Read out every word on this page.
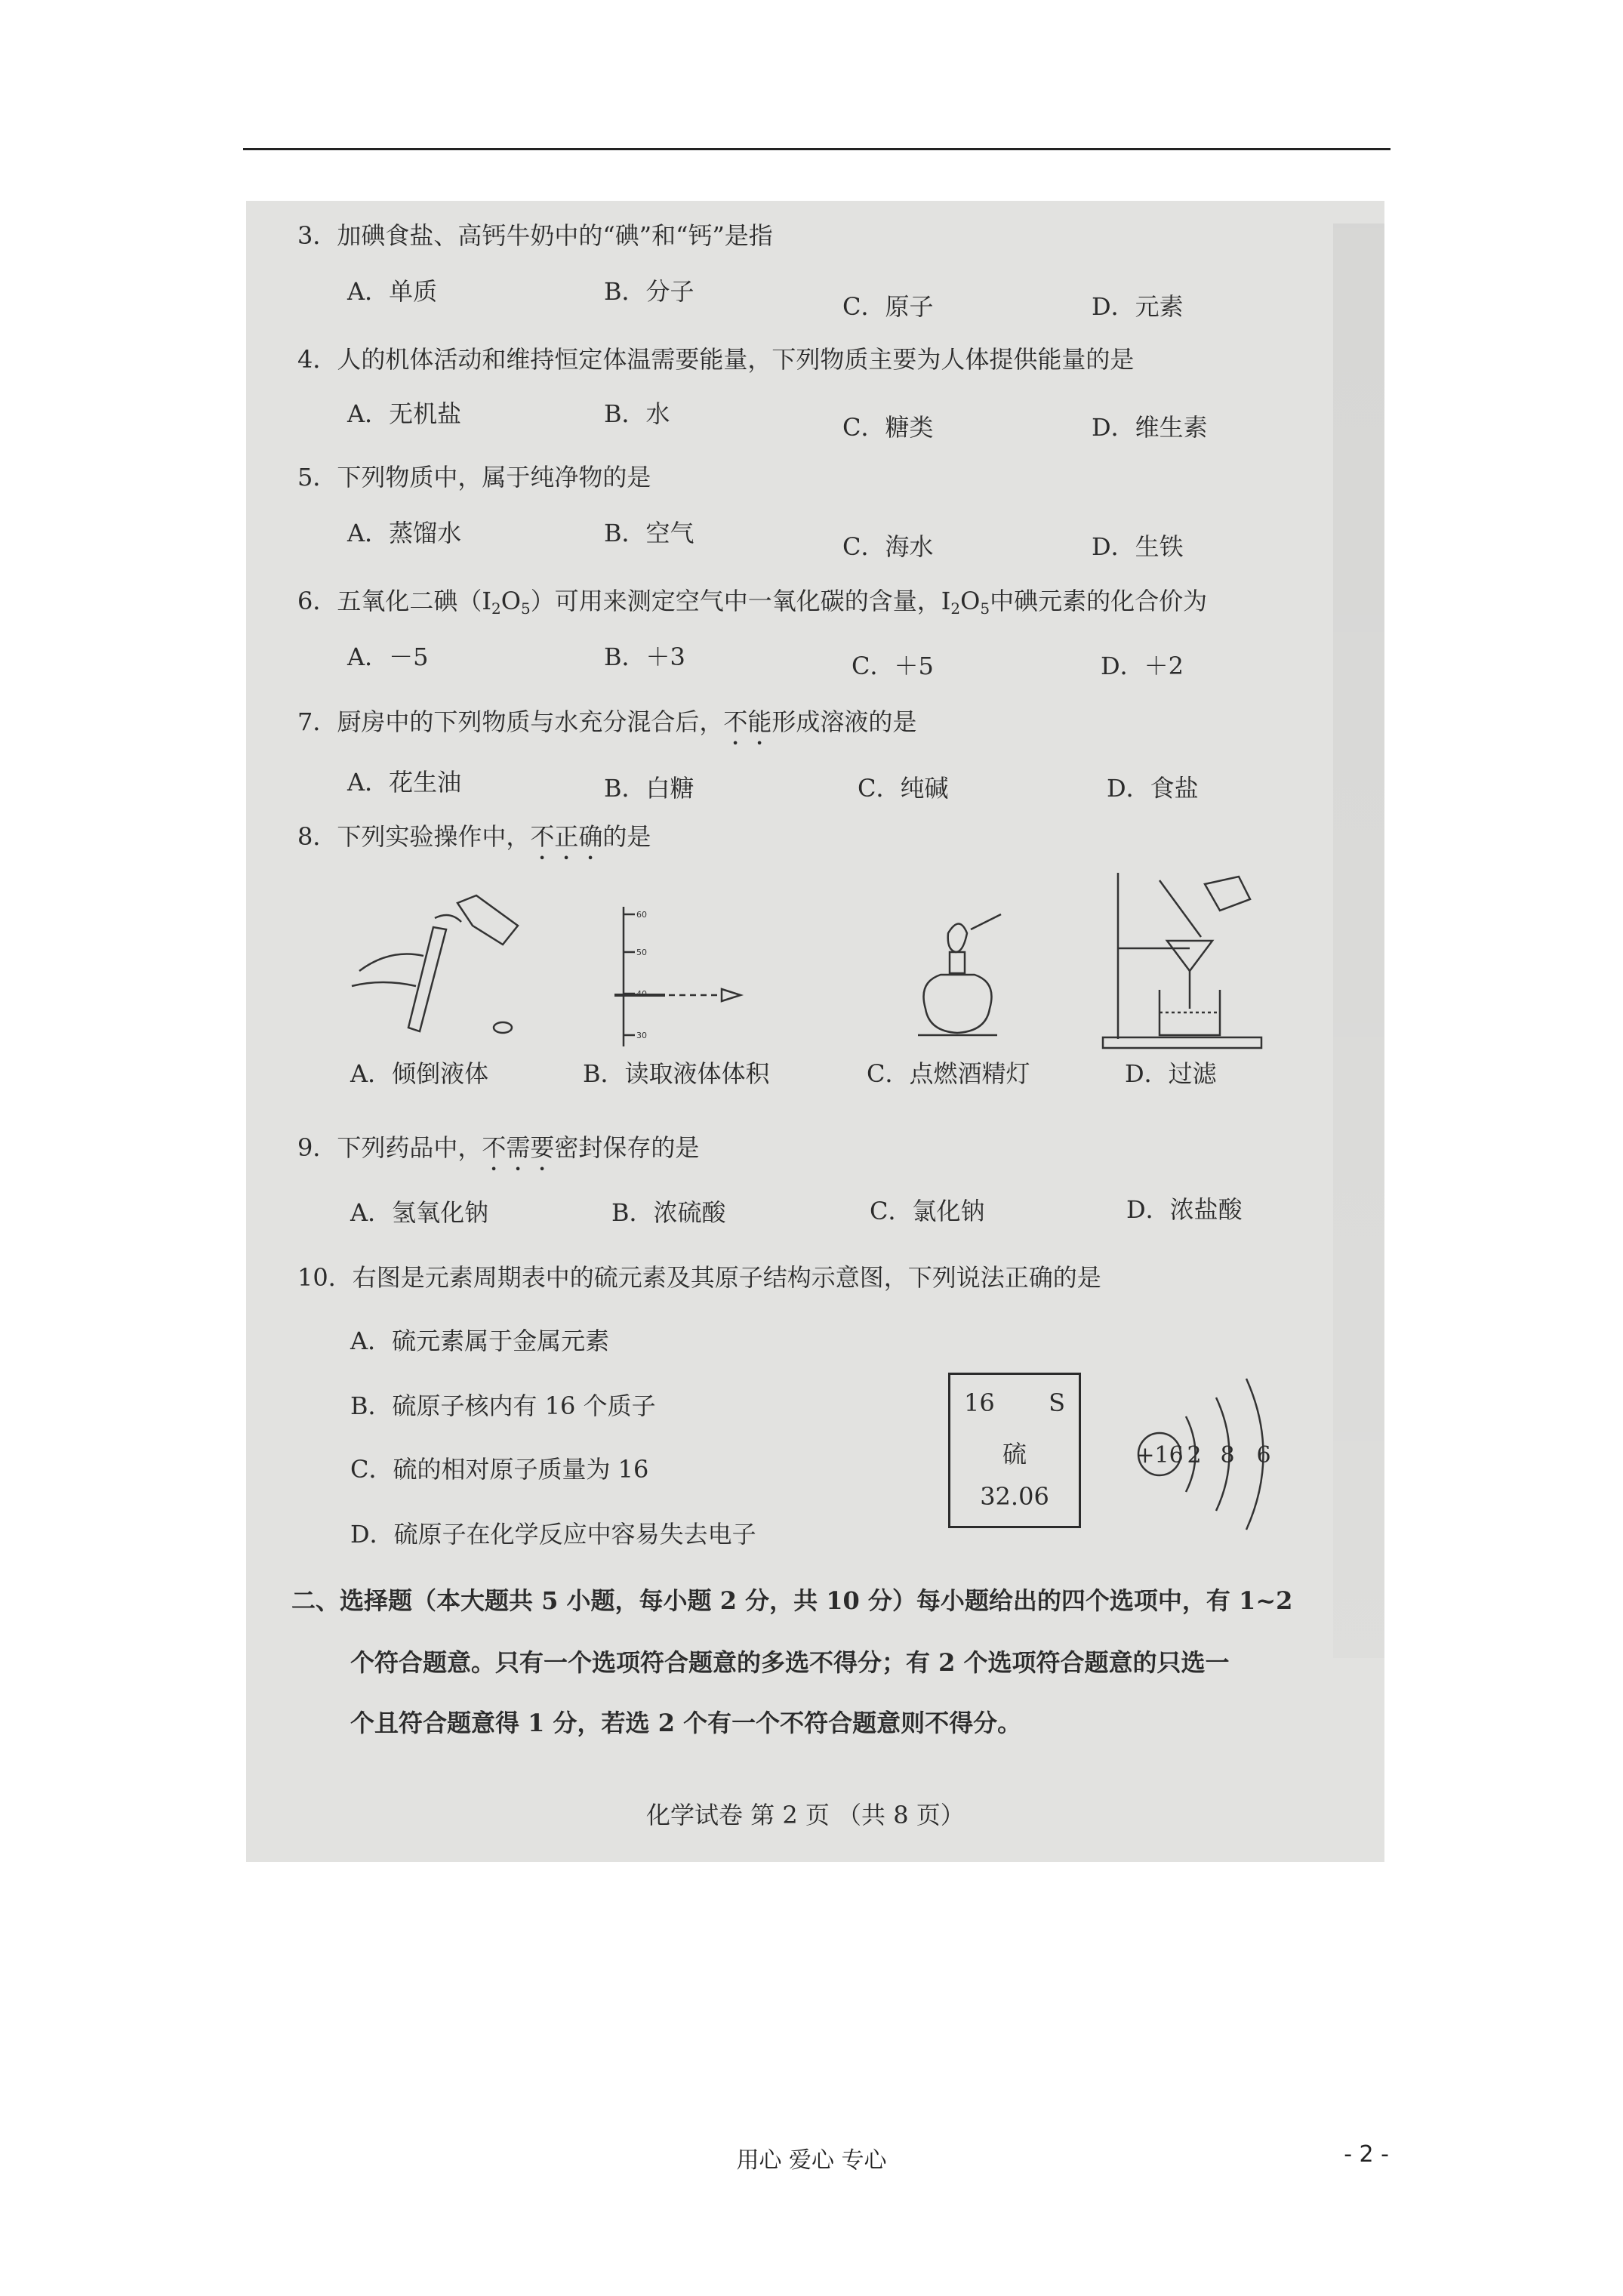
3．加碘食盐、高钙牛奶中的“碘”和“钙”是指
A．单质	B．分子
C．原子	D．元素
4．人的机体活动和维持恒定体温需要能量，下列物质主要为人体提供能量的是
A．无机盐	B．水	C．糖类	D．维生素
5．下列物质中，属于纯净物的是
A．蒸馏水	B．空气	C．海水	D．生铁
6．五氧化二碘$(I_2O_5)$可用来测定空气中一氧化碳的含量，$I_2O_5$中碘元素的化合价为
A．－5	B．＋3	C．＋5	D．＋2
7．厨房中的下列物质与水充分混合后，不能形成溶液的是
A．花生油	B．白糖	C．纯碱	D．食盐
8．下列实验操作中，不正确的是
60
50
40
30
A．倾倒液体	B．读取液体体积	C．点燃酒精灯	D．过滤
9．下列药品中，不需要密封保存的是
A．氢氧化钠	B．浓硫酸	C．氯化钠	D．浓盐酸
10．右图是元素周期表中的硫元素及其原子结构示意图，下列说法正确的是
A．硫元素属于金属元素
B．硫原子核内有 16 个质子
C．硫的相对原子质量为 16
D．硫原子在化学反应中容易失去电子
16 S
硫
32.06
+16 2 8 6
二、选择题（本大题共 5 小题，每小题 2 分，共 10 分）每小题给出的四个选项中，有 1~2
个符合题意。只有一个选项符合题意的多选不得分；有 2 个选项符合题意的只选一
个且符合题意得 1 分，若选 2 个有一个不符合题意则不得分。
化学试卷 第 2 页 （共 8 页）
用心 爱心 专心	- 2 -
